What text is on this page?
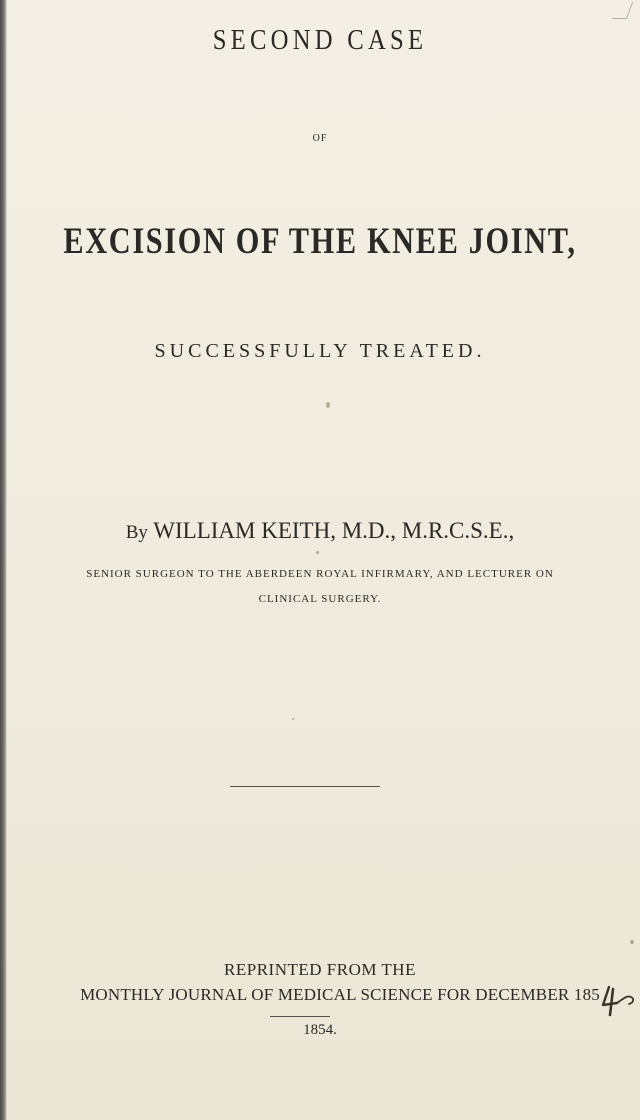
SECOND CASE
OF
EXCISION OF THE KNEE JOINT,
SUCCESSFULLY TREATED.
By WILLIAM KEITH, M.D., M.R.C.S.E.,
SENIOR SURGEON TO THE ABERDEEN ROYAL INFIRMARY, AND LECTURER ON
CLINICAL SURGERY.
REPRINTED FROM THE
MONTHLY JOURNAL OF MEDICAL SCIENCE FOR DECEMBER 185
1854.
